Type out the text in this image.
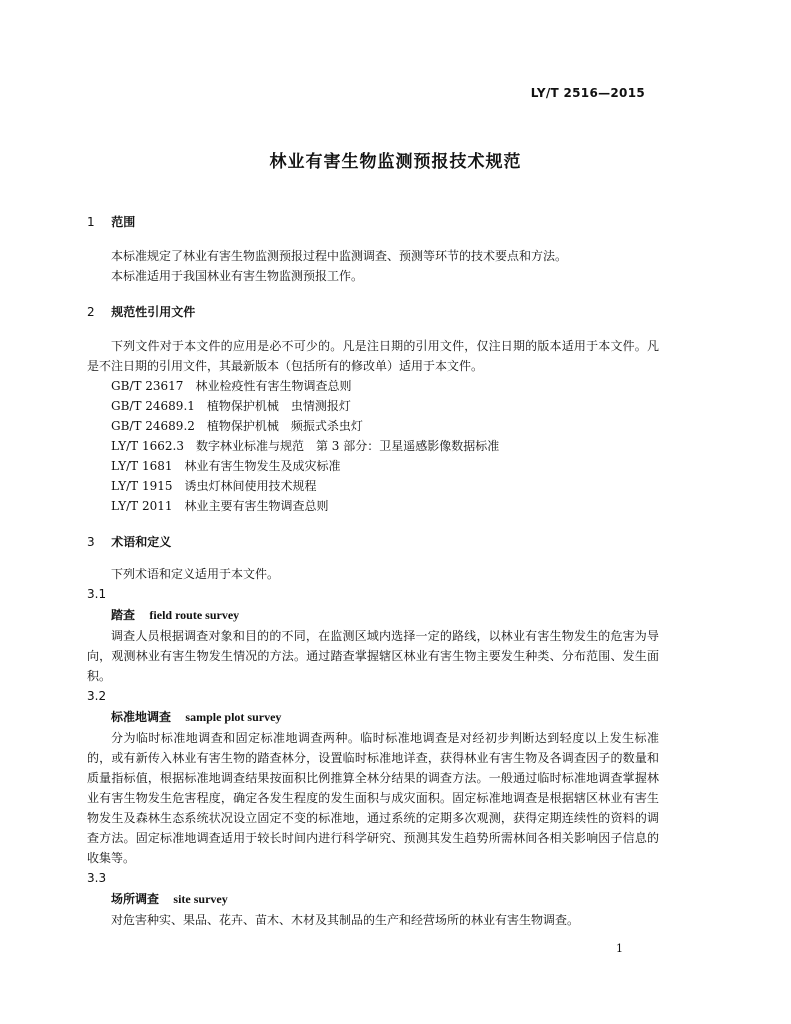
LY/T 2516—2015
林业有害生物监测预报技术规范
1 范围
本标准规定了林业有害生物监测预报过程中监测调查、预测等环节的技术要点和方法。
本标准适用于我国林业有害生物监测预报工作。
2 规范性引用文件
下列文件对于本文件的应用是必不可少的。凡是注日期的引用文件，仅注日期的版本适用于本文件。凡是不注日期的引用文件，其最新版本（包括所有的修改单）适用于本文件。
GB/T 23617　林业检疫性有害生物调查总则
GB/T 24689.1　植物保护机械　虫情测报灯
GB/T 24689.2　植物保护机械　频振式杀虫灯
LY/T 1662.3　数字林业标准与规范　第 3 部分：卫星遥感影像数据标准
LY/T 1681　林业有害生物发生及成灾标准
LY/T 1915　诱虫灯林间使用技术规程
LY/T 2011　林业主要有害生物调查总则
3 术语和定义
下列术语和定义适用于本文件。
3.1
踏查 field route survey
调查人员根据调查对象和目的的不同，在监测区域内选择一定的路线，以林业有害生物发生的危害为导向，观测林业有害生物发生情况的方法。通过踏查掌握辖区林业有害生物主要发生种类、分布范围、发生面积。
3.2
标准地调查 sample plot survey
分为临时标准地调查和固定标准地调查两种。临时标准地调查是对经初步判断达到轻度以上发生标准的，或有新传入林业有害生物的踏查林分，设置临时标准地详查，获得林业有害生物及各调查因子的数量和质量指标值，根据标准地调查结果按面积比例推算全林分结果的调查方法。一般通过临时标准地调查掌握林业有害生物发生危害程度，确定各发生程度的发生面积与成灾面积。固定标准地调查是根据辖区林业有害生物发生及森林生态系统状况设立固定不变的标准地，通过系统的定期多次观测，获得定期连续性的资料的调查方法。固定标准地调查适用于较长时间内进行科学研究、预测其发生趋势所需林间各相关影响因子信息的收集等。
3.3
场所调查 site survey
对危害种实、果品、花卉、苗木、木材及其制品的生产和经营场所的林业有害生物调查。
1
